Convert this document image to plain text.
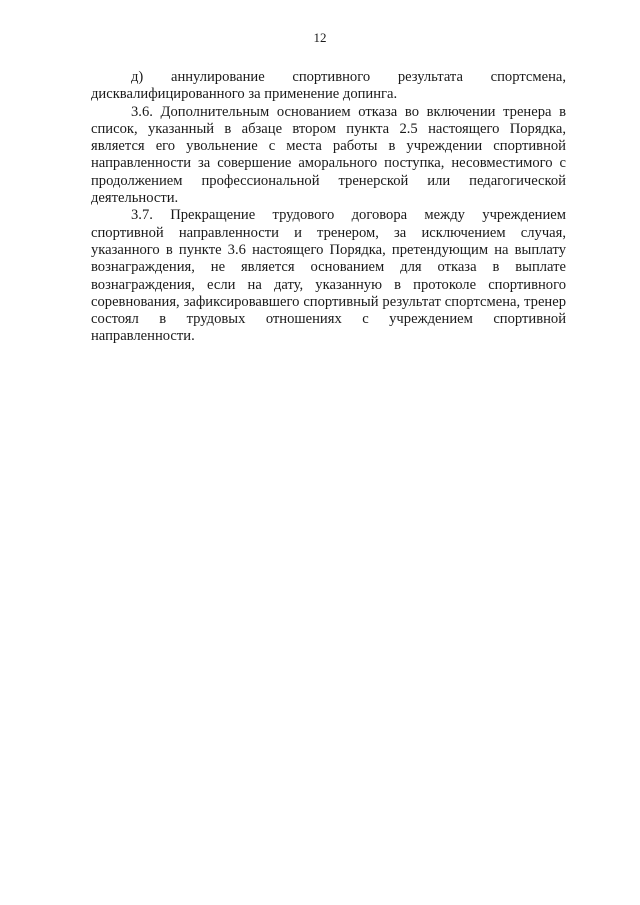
12

д) аннулирование спортивного результата спортсмена, дисквалифицированного за применение допинга.

3.6. Дополнительным основанием отказа во включении тренера в список, указанный в абзаце втором пункта 2.5 настоящего Порядка, является его увольнение с места работы в учреждении спортивной направленности за совершение аморального поступка, несовместимого с продолжением профессиональной тренерской или педагогической деятельности.

3.7. Прекращение трудового договора между учреждением спортивной направленности и тренером, за исключением случая, указанного в пункте 3.6 настоящего Порядка, претендующим на выплату вознаграждения, не является основанием для отказа в выплате вознаграждения, если на дату, указанную в протоколе спортивного соревнования, зафиксировавшего спортивный результат спортсмена, тренер состоял в трудовых отношениях с учреждением спортивной направленности.
